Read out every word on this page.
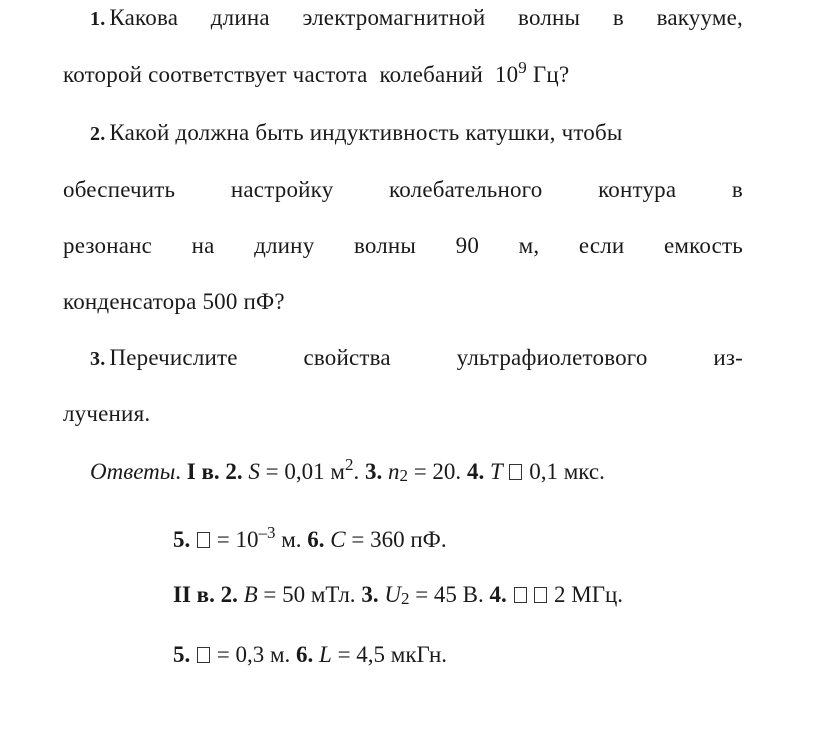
1. Какова длина электромагнитной волны в вакууме,
которой соответствует частота  колебаний  $10^9$ Гц?
2. Какой должна быть индуктивность катушки, чтобы
обеспечить настройку колебательного контура в
резонанс на длину волны 90 м, если емкость
конденсатора 500 пФ?
3. Перечислите	свойства	ультрафиолетового	из-
лучения.
Ответы. I в. 2. S = 0,01 $м^2$. 3. $n_2 = 20$. 4. T  0,1 мкс.
5.  = $10^{-3}$ м. 6. C = 360 пФ.
II в. 2. B = 50 мТл. 3. $U_2 = 45$ В. 4.   2 МГц.
5.  = 0,3 м. 6. L = 4,5 мкГн.
